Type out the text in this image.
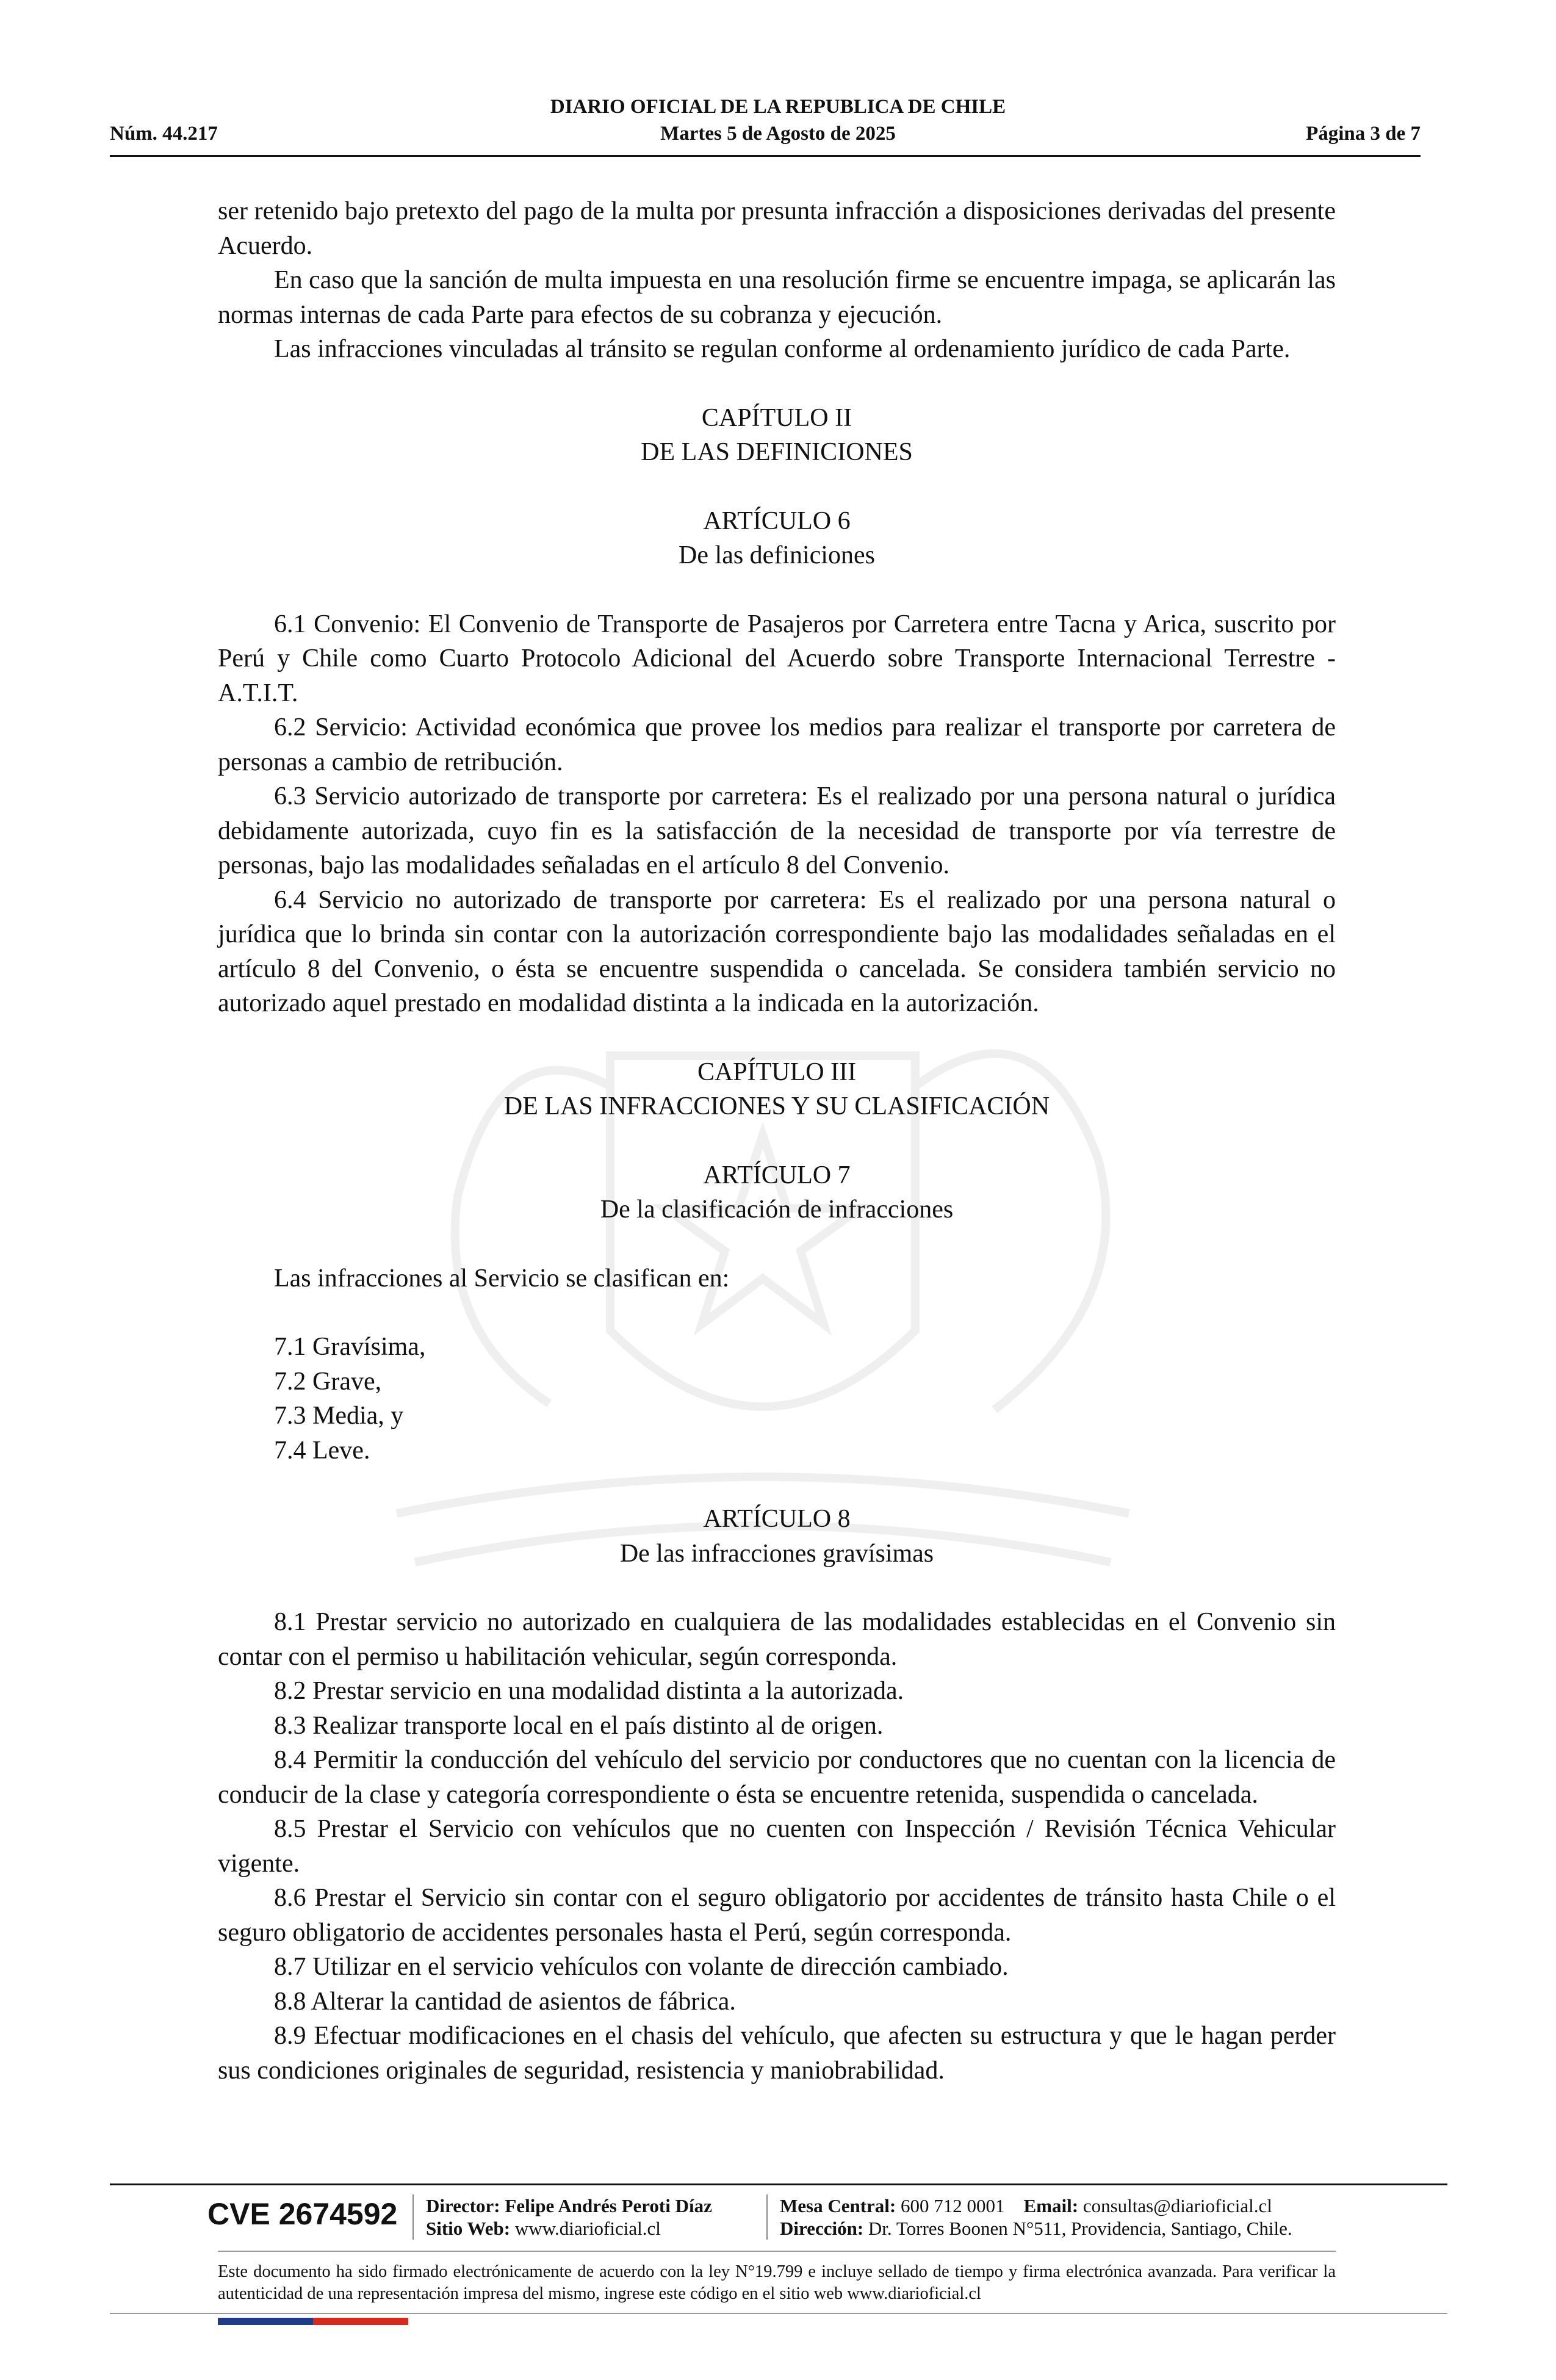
DIARIO OFICIAL DE LA REPUBLICA DE CHILE
Núm. 44.217	Martes 5 de Agosto de 2025	Página 3 de 7

ser retenido bajo pretexto del pago de la multa por presunta infracción a disposiciones derivadas del presente Acuerdo.

En caso que la sanción de multa impuesta en una resolución firme se encuentre impaga, se aplicarán las normas internas de cada Parte para efectos de su cobranza y ejecución.

Las infracciones vinculadas al tránsito se regulan conforme al ordenamiento jurídico de cada Parte.

CAPÍTULO II

DE LAS DEFINICIONES

ARTÍCULO 6

De las definiciones

6.1 Convenio: El Convenio de Transporte de Pasajeros por Carretera entre Tacna y Arica, suscrito por Perú y Chile como Cuarto Protocolo Adicional del Acuerdo sobre Transporte Internacional Terrestre - A.T.I.T.

6.2 Servicio: Actividad económica que provee los medios para realizar el transporte por carretera de personas a cambio de retribución.

6.3 Servicio autorizado de transporte por carretera: Es el realizado por una persona natural o jurídica debidamente autorizada, cuyo fin es la satisfacción de la necesidad de transporte por vía terrestre de personas, bajo las modalidades señaladas en el artículo 8 del Convenio.

6.4 Servicio no autorizado de transporte por carretera: Es el realizado por una persona natural o jurídica que lo brinda sin contar con la autorización correspondiente bajo las modalidades señaladas en el artículo 8 del Convenio, o ésta se encuentre suspendida o cancelada. Se considera también servicio no autorizado aquel prestado en modalidad distinta a la indicada en la autorización.

CAPÍTULO III

DE LAS INFRACCIONES Y SU CLASIFICACIÓN

ARTÍCULO 7

De la clasificación de infracciones

Las infracciones al Servicio se clasifican en:

7.1 Gravísima,

7.2 Grave,

7.3 Media, y

7.4 Leve.

ARTÍCULO 8

De las infracciones gravísimas

8.1 Prestar servicio no autorizado en cualquiera de las modalidades establecidas en el Convenio sin contar con el permiso u habilitación vehicular, según corresponda.

8.2 Prestar servicio en una modalidad distinta a la autorizada.

8.3 Realizar transporte local en el país distinto al de origen.

8.4 Permitir la conducción del vehículo del servicio por conductores que no cuentan con la licencia de conducir de la clase y categoría correspondiente o ésta se encuentre retenida, suspendida o cancelada.

8.5 Prestar el Servicio con vehículos que no cuenten con Inspección / Revisión Técnica Vehicular vigente.

8.6 Prestar el Servicio sin contar con el seguro obligatorio por accidentes de tránsito hasta Chile o el seguro obligatorio de accidentes personales hasta el Perú, según corresponda.

8.7 Utilizar en el servicio vehículos con volante de dirección cambiado.

8.8 Alterar la cantidad de asientos de fábrica.

8.9 Efectuar modificaciones en el chasis del vehículo, que afecten su estructura y que le hagan perder sus condiciones originales de seguridad, resistencia y maniobrabilidad.

CVE 2674592 Director: Felipe Andrés Peroti Díaz
Sitio Web: www.diarioficial.cl
Mesa Central: 600 712 0001 Email: consultas@diarioficial.cl
Dirección: Dr. Torres Boonen N°511, Providencia, Santiago, Chile.
Este documento ha sido firmado electrónicamente de acuerdo con la ley N°19.799 e incluye sellado de tiempo y firma electrónica avanzada. Para verificar la autenticidad de una representación impresa del mismo, ingrese este código en el sitio web www.diarioficial.cl
